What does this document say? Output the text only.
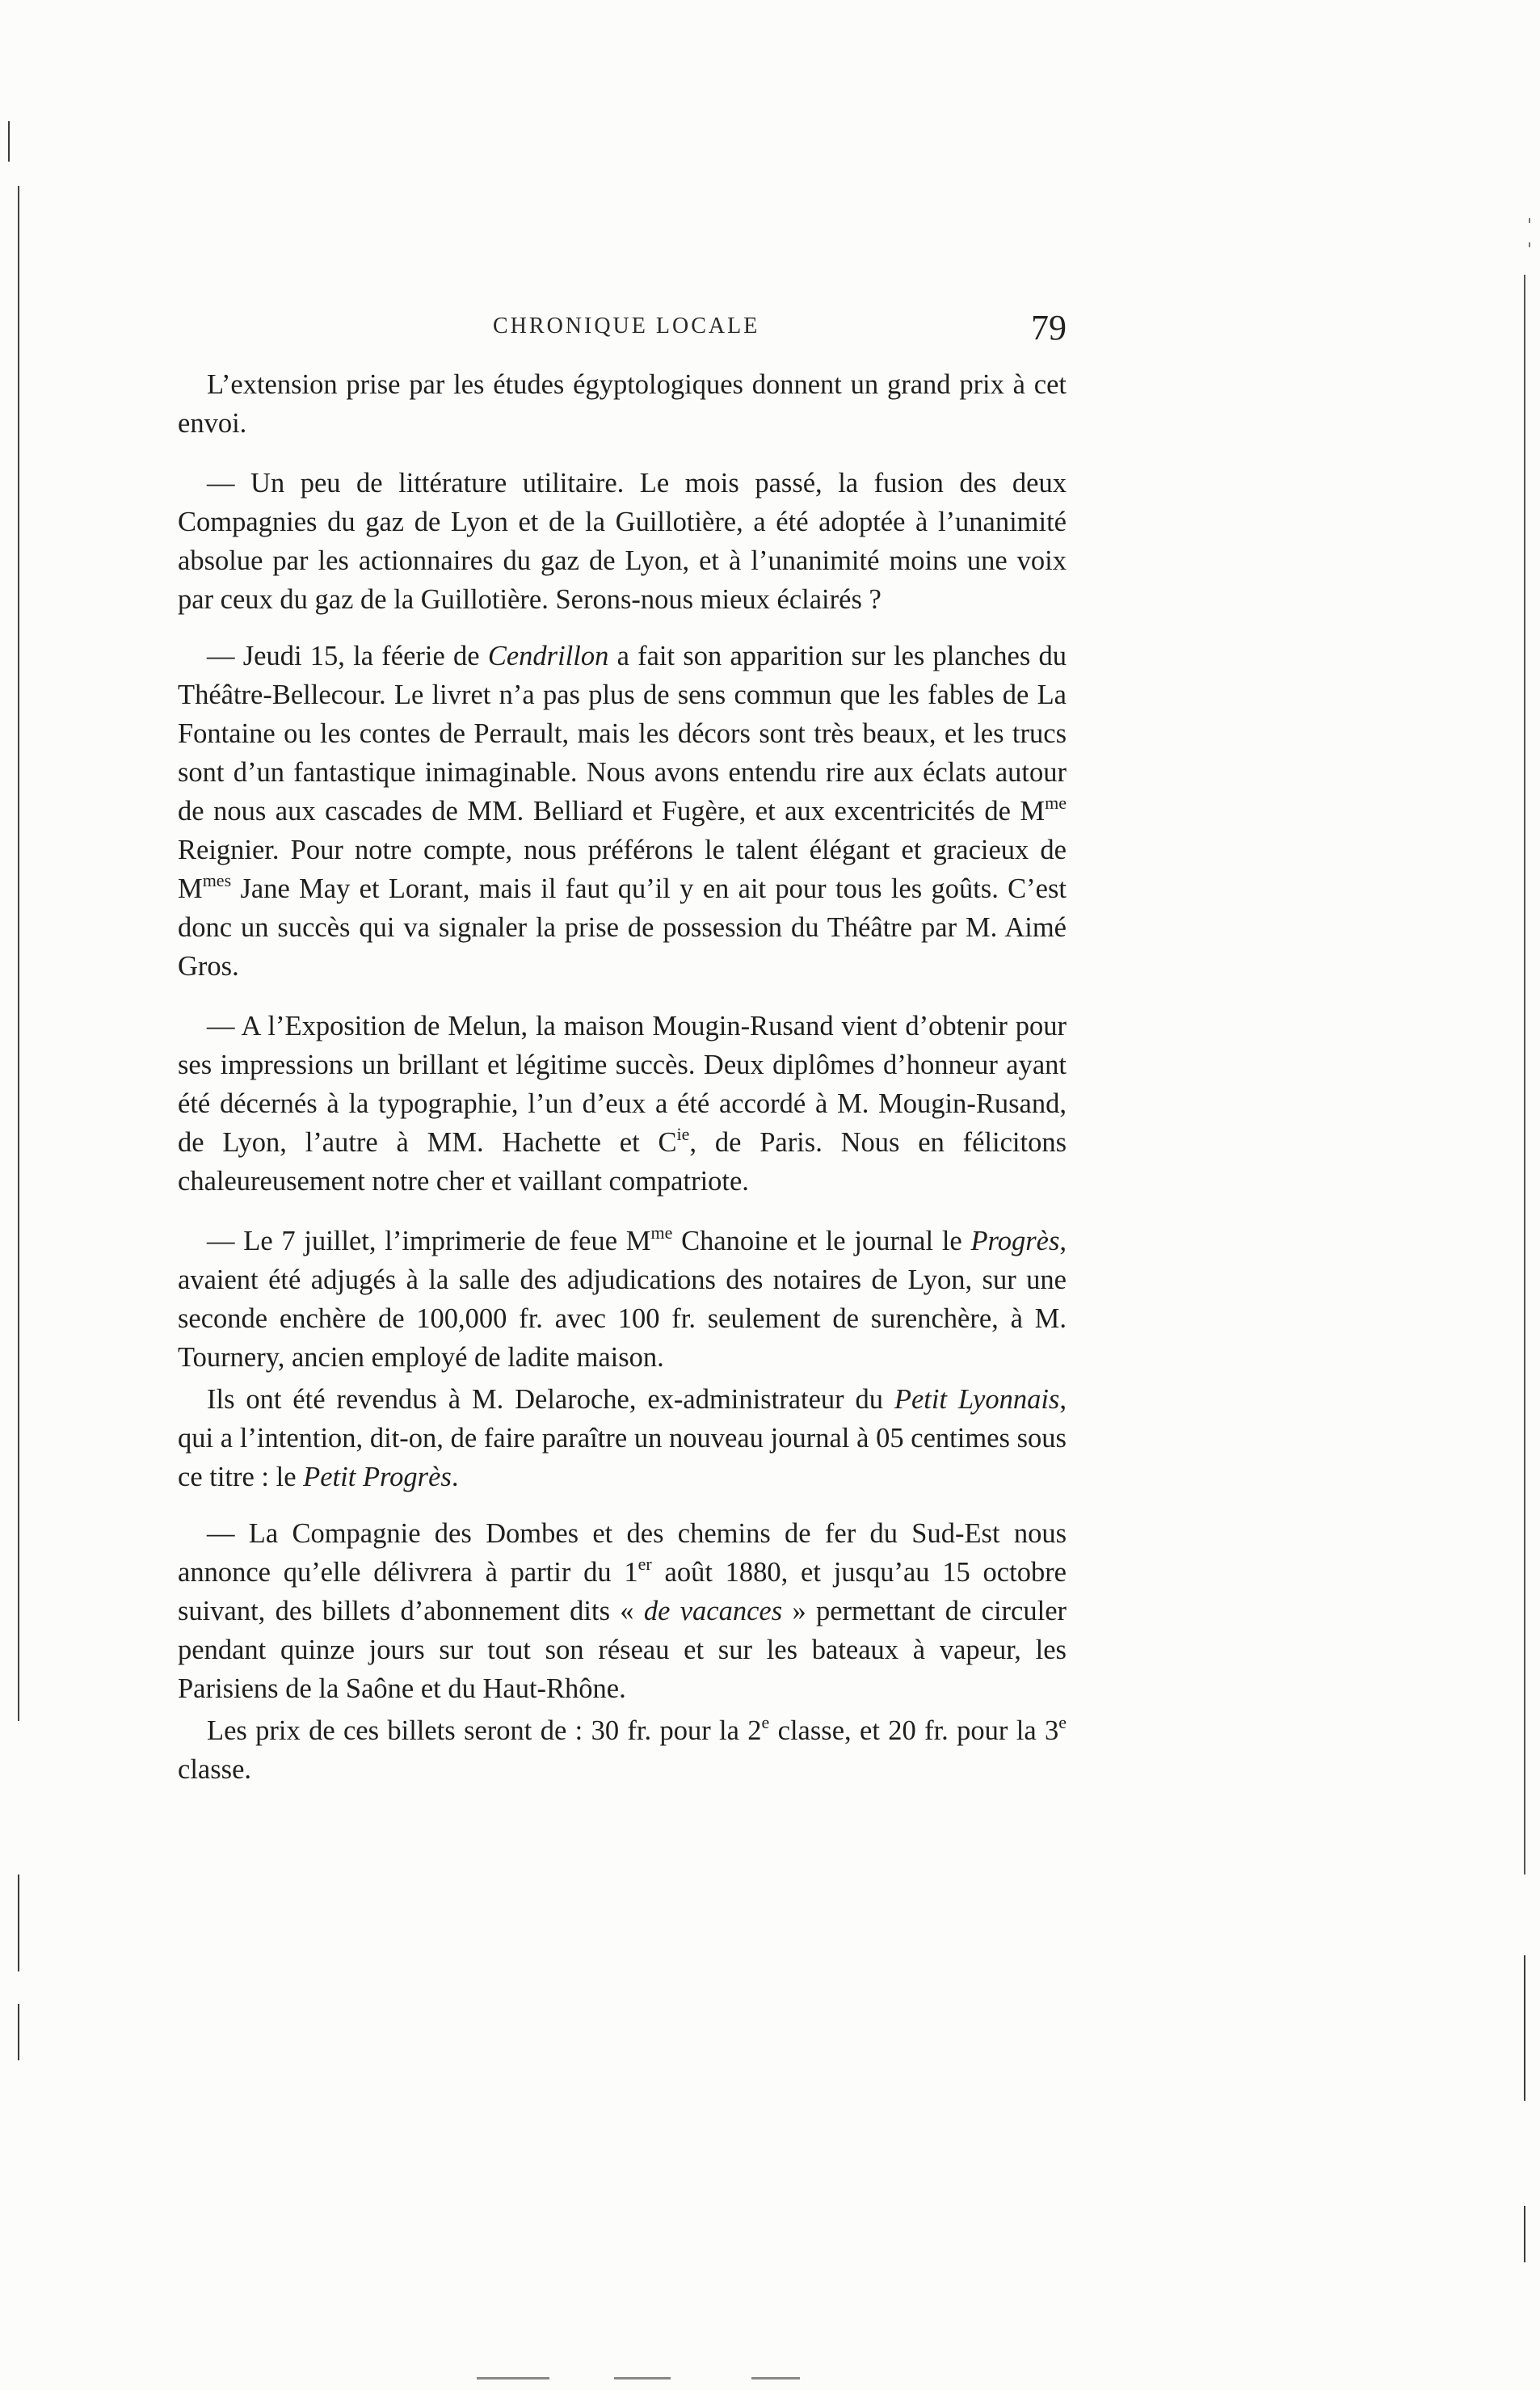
CHRONIQUE LOCALE	79

L’extension prise par les études égyptologiques donnent un grand prix à cet envoi.

— Un peu de littérature utilitaire. Le mois passé, la fusion des deux Compagnies du gaz de Lyon et de la Guillotière, a été adoptée à l’unanimité absolue par les actionnaires du gaz de Lyon, et à l’unanimité moins une voix par ceux du gaz de la Guillotière. Serons-nous mieux éclairés ?

— Jeudi 15, la féerie de Cendrillon a fait son apparition sur les planches du Théâtre-Bellecour. Le livret n’a pas plus de sens commun que les fables de La Fontaine ou les contes de Perrault, mais les décors sont très beaux, et les trucs sont d’un fantastique inimaginable. Nous avons entendu rire aux éclats autour de nous aux cascades de MM. Belliard et Fugère, et aux excentricités de $M^{me}$ Reignier. Pour notre compte, nous préférons le talent élégant et gracieux de $M^{mes}$ Jane May et Lorant, mais il faut qu’il y en ait pour tous les goûts. C’est donc un succès qui va signaler la prise de possession du Théâtre par M. Aimé Gros.

— A l’Exposition de Melun, la maison Mougin-Rusand vient d’obtenir pour ses impressions un brillant et légitime succès. Deux diplômes d’honneur ayant été décernés à la typographie, l’un d’eux a été accordé à M. Mougin-Rusand, de Lyon, l’autre à MM. Hachette et $C^{ie}$, de Paris. Nous en félicitons chaleureusement notre cher et vaillant compatriote.

— Le 7 juillet, l’imprimerie de feue $M^{me}$ Chanoine et le journal le Progrès, avaient été adjugés à la salle des adjudications des notaires de Lyon, sur une seconde enchère de 100,000 fr. avec 100 fr. seulement de surenchère, à M. Tournery, ancien employé de ladite maison.

Ils ont été revendus à M. Delaroche, ex-administrateur du Petit Lyonnais, qui a l’intention, dit-on, de faire paraître un nouveau journal à 05 centimes sous ce titre : le Petit Progrès.

— La Compagnie des Dombes et des chemins de fer du Sud-Est nous annonce qu’elle délivrera à partir du 1er août 1880, et jusqu’au 15 octobre suivant, des billets d’abonnement dits « de vacances » permettant de circuler pendant quinze jours sur tout son réseau et sur les bateaux à vapeur, les Parisiens de la Saône et du Haut-Rhône.

Les prix de ces billets seront de : 30 fr. pour la 2e classe, et 20 fr. pour la 3e classe.
